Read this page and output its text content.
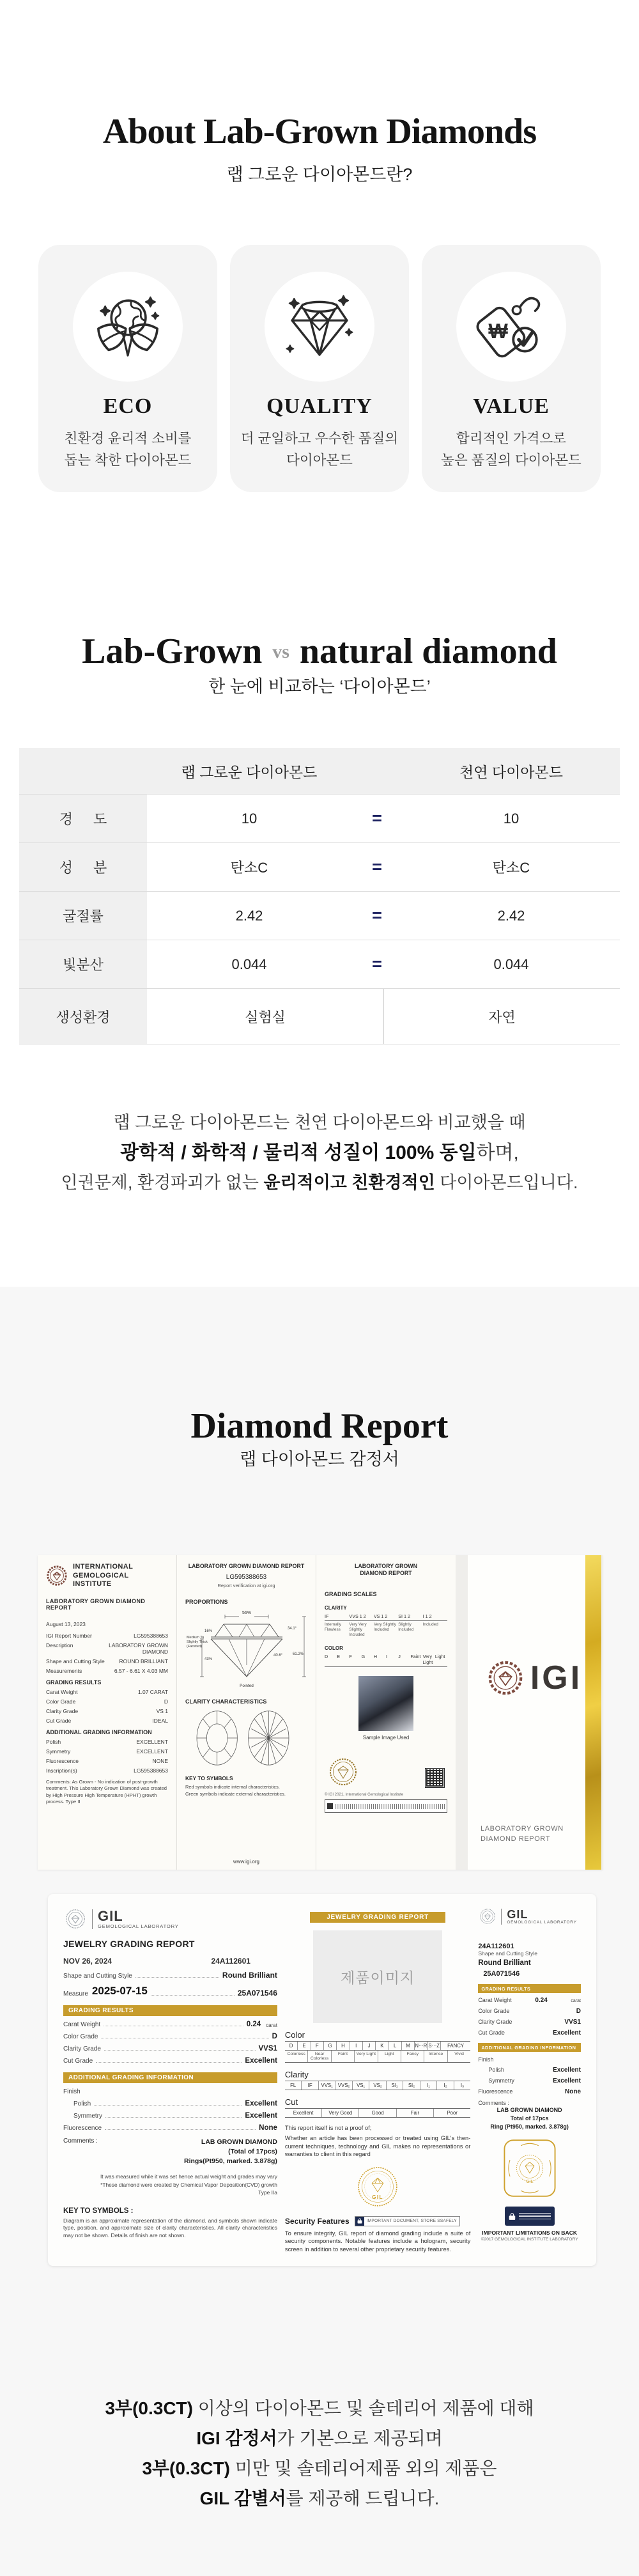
About Lab-Grown Diamonds

랩 그로운 다이아몬드란?

ECO

친환경 윤리적 소비를
돕는 착한 다이아몬드

QUALITY

더 균일하고 우수한 품질의
다이아몬드

₩
VALUE

합리적인 가격으로
높은 품질의 다이아몬드

Lab-Grown vs natural diamond

한 눈에 비교하는 ‘다이아몬드’

랩 그로운 다이아몬드	천연 다이아몬드
경 도	10	=	10
성 분	탄소C	=	탄소C
굴절률	2.42	=	2.42
빛분산	0.044	=	0.044
생성환경	실험실	자연
랩 그로운 다이아몬드는 천연 다이아몬드와 비교했을 때
광학적 / 화학적 / 물리적 성질이 100% 동일하며,
인권문제, 환경파괴가 없는 윤리적이고 친환경적인 다이아몬드입니다.
Diamond Report

랩 다이아몬드 감정서

INTERNATIONAL
GEMOLOGICAL
INSTITUTE
LABORATORY GROWN DIAMOND REPORT
August 13, 2023
IGI Report Number	LG595388653
Description	LABORATORY GROWN DIAMOND
Shape and Cutting Style	ROUND BRILLIANT
Measurements	6.57 - 6.61 X 4.03 MM
GRADING RESULTS
Carat Weight	1.07 CARAT
Color Grade	D
Clarity Grade	VS 1
Cut Grade	IDEAL
ADDITIONAL GRADING INFORMATION
Polish	EXCELLENT
Symmetry	EXCELLENT
Fluorescence	NONE
Inscription(s)	LG595388653

Comments: As Grown - No indication of post-growth treatment. This Laboratory Grown Diamond was created by High Pressure High Temperature (HPHT) growth process. Type II

LABORATORY GROWN DIAMOND REPORT
LG595388653
Report verification at igi.org
PROPORTIONS
56%
16%
Medium To
Slightly Thick
(Faceted)
34.1°
61.2%
40.6°
43%
Pointed
CLARITY CHARACTERISTICS
KEY TO SYMBOLS

Red symbols indicate internal characteristics.

Green symbols indicate external characteristics.

www.igi.org
LABORATORY GROWN
DIAMOND REPORT
GRADING SCALES
CLARITY
IF	VVS 1 2	VS 1 2	SI 1 2	I 1 2
Internally Flawless
Very Very Slightly Included
Very Slightly Included
Slightly Included
Included
COLOR
D	E	F	G	H	I	J	Faint Very Light
Light
Sample Image Used
© IGI 2021, International Gemological Institute
IGI
LABORATORY GROWN
DIAMOND REPORT
GIL
GEMOLOGICAL LABORATORY
JEWELRY GRADING REPORT
NOV 26, 2024	24A112601
Shape and Cutting Style	Round Brilliant
Measure 2025-07-15	25A071546
GRADING RESULTS
Carat Weight	0.24 carat
Color Grade	D
Clarity Grade	VVS1
Cut Grade	Excellent
ADDITIONAL GRADING INFORMATION
Finish
Polish	Excellent
Symmetry	Excellent
Fluorescence	None
Comments :	LAB GROWN DIAMOND
(Total of 17pcs)
Rings(Pt950, marked. 3.878g)
It was measured while it was set hence actual weight and grades may vary
*These diamond were created by Chemical Vapor Deposition(CVD) growth
Type IIa
KEY TO SYMBOLS :

Diagram is an approximate representation of the diamond. and symbols shown indicate type, position, and approximate size of clarity characteristics, All clarity characteristics may not be shown. Details of finish are not shown.

JEWELRY GRADING REPORT
제품이미지
Color
D	E	F	G	H	I	J	K	L	M N···R S···Z	FANCY
Colorless	Near Colorless
Faint	Very Light	Light	Fancy	Intense	Vivid
Clarity
FL	IF	VVS₁	VVS₂	VS₁	VS₂	SI₁	SI₂	I₁	I₂	I₃
Cut
Excellent	Very Good	Good	Fair	Poor

This report itself is not a proof of;

Whether an article has been processed or treated using GIL's then-current techniques, technology and GIL makes no representations or warranties to client in this regard

GIL
Security Features	IMPORTANT DOCUMENT, STORE SSAFELY

To ensure integrity, GIL report of diamond grading include a suite of security components. Notable features include a hologram, security screen in addition to several other proprietary security features.

GIL
GEMOLOGICAL LABORATORY
24A112601
Shape and Cutting Style
Round Brilliant
25A071546
GRADING RESULTS
Carat Weight	0.24	carat
Color Grade	D
Clarity Grade	VVS1
Cut Grade	Excellent
ADDITIONAL GRADING INFORMATION
Finish
Polish	Excellent
Symmetry	Excellent
Fluorescence	None
Comments :
LAB GROWN DIAMOND
Total of 17pcs
Ring (Pt950, marked. 3.878g)
GIL
IMPORTANT LIMITATIONS ON BACK
©2017 GEMOLOGICAL INSTITUTE LABORATORY
3부(0.3CT) 이상의 다이아몬드 및 솔테리어 제품에 대해
IGI 감정서가 기본으로 제공되며
3부(0.3CT) 미만 및 솔테리어제품 외의 제품은
GIL 감별서를 제공해 드립니다.
